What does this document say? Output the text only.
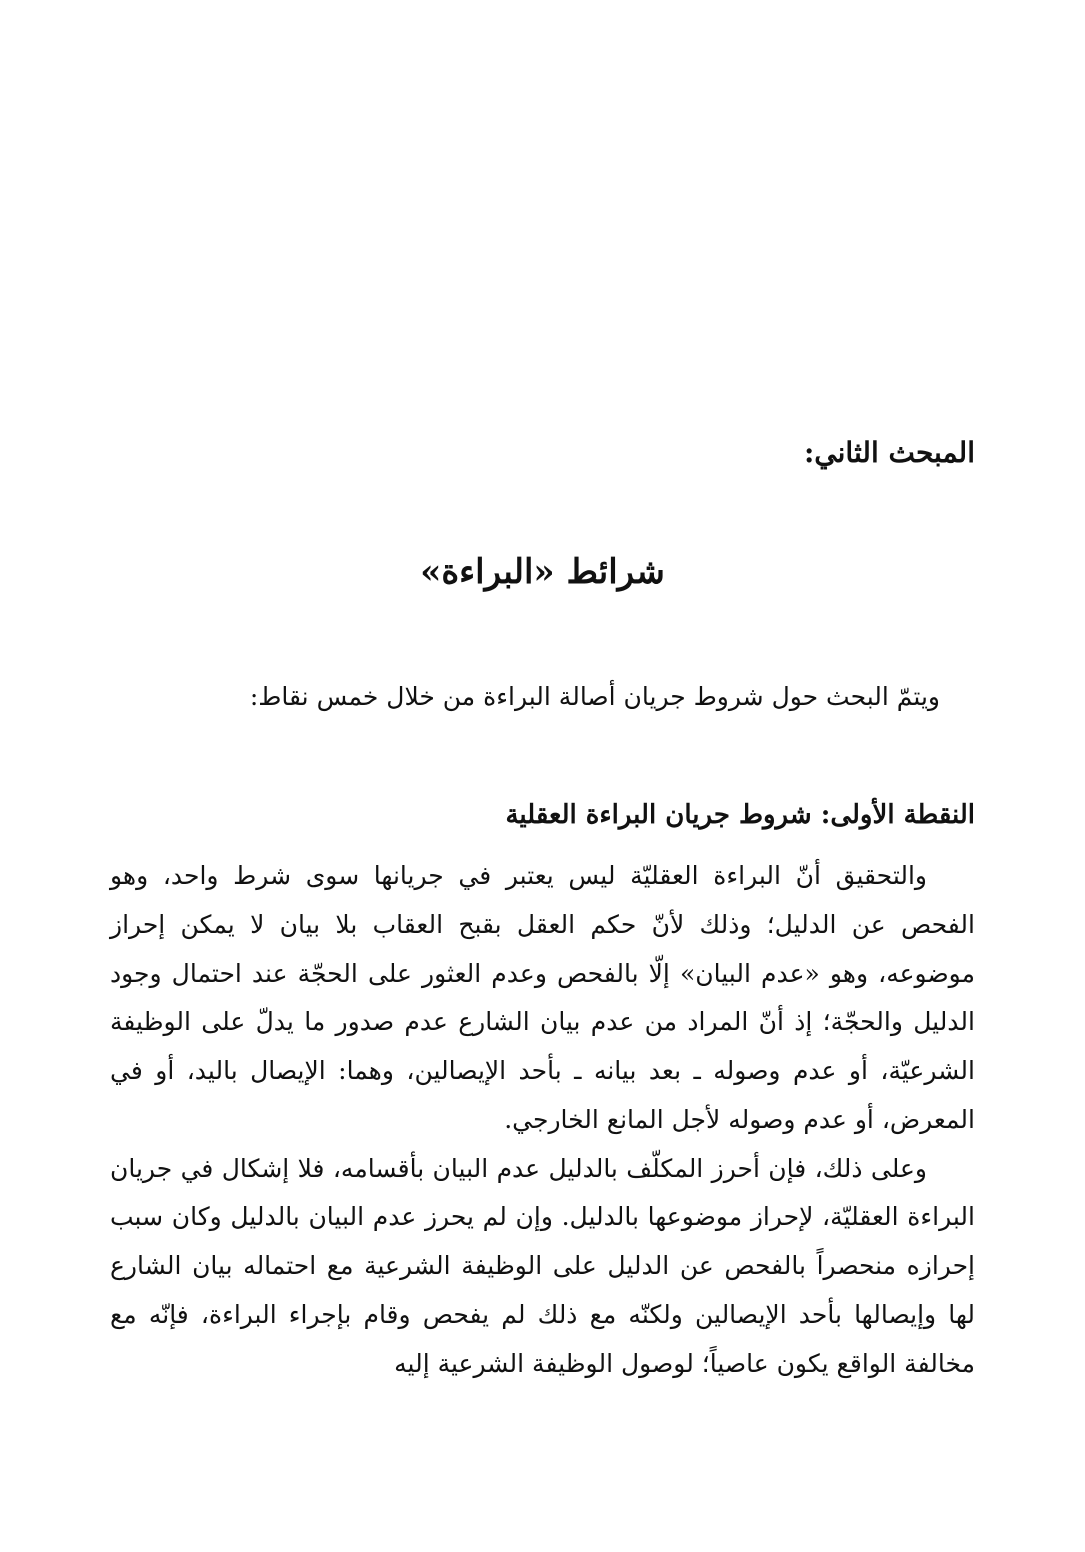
المبحث الثاني:
شرائط «البراءة»

ويتمّ البحث حول شروط جريان أصالة البراءة من خلال خمس نقاط:

النقطة الأولى: شروط جريان البراءة العقلية

والتحقيق أنّ البراءة العقليّة ليس يعتبر في جريانها سوى شرط واحد، وهو الفحص عن الدليل؛ وذلك لأنّ حكم العقل بقبح العقاب بلا بيان لا يمكن إحراز موضوعه، وهو «عدم البيان» إلّا بالفحص وعدم العثور على الحجّة عند احتمال وجود الدليل والحجّة؛ إذ أنّ المراد من عدم بيان الشارع عدم صدور ما يدلّ على الوظيفة الشرعيّة، أو عدم وصوله ـ بعد بيانه ـ بأحد الإيصالين، وهما: الإيصال باليد، أو في المعرض، أو عدم وصوله لأجل المانع الخارجي.

وعلى ذلك، فإن أحرز المكلّف بالدليل عدم البيان بأقسامه، فلا إشكال في جريان البراءة العقليّة، لإحراز موضوعها بالدليل. وإن لم يحرز عدم البيان بالدليل وكان سبب إحرازه منحصراً بالفحص عن الدليل على الوظيفة الشرعية مع احتماله بيان الشارع لها وإيصالها بأحد الإيصالين ولكنّه مع ذلك لم يفحص وقام بإجراء البراءة، فإنّه مع مخالفة الواقع يكون عاصياً؛ لوصول الوظيفة الشرعية إليه
